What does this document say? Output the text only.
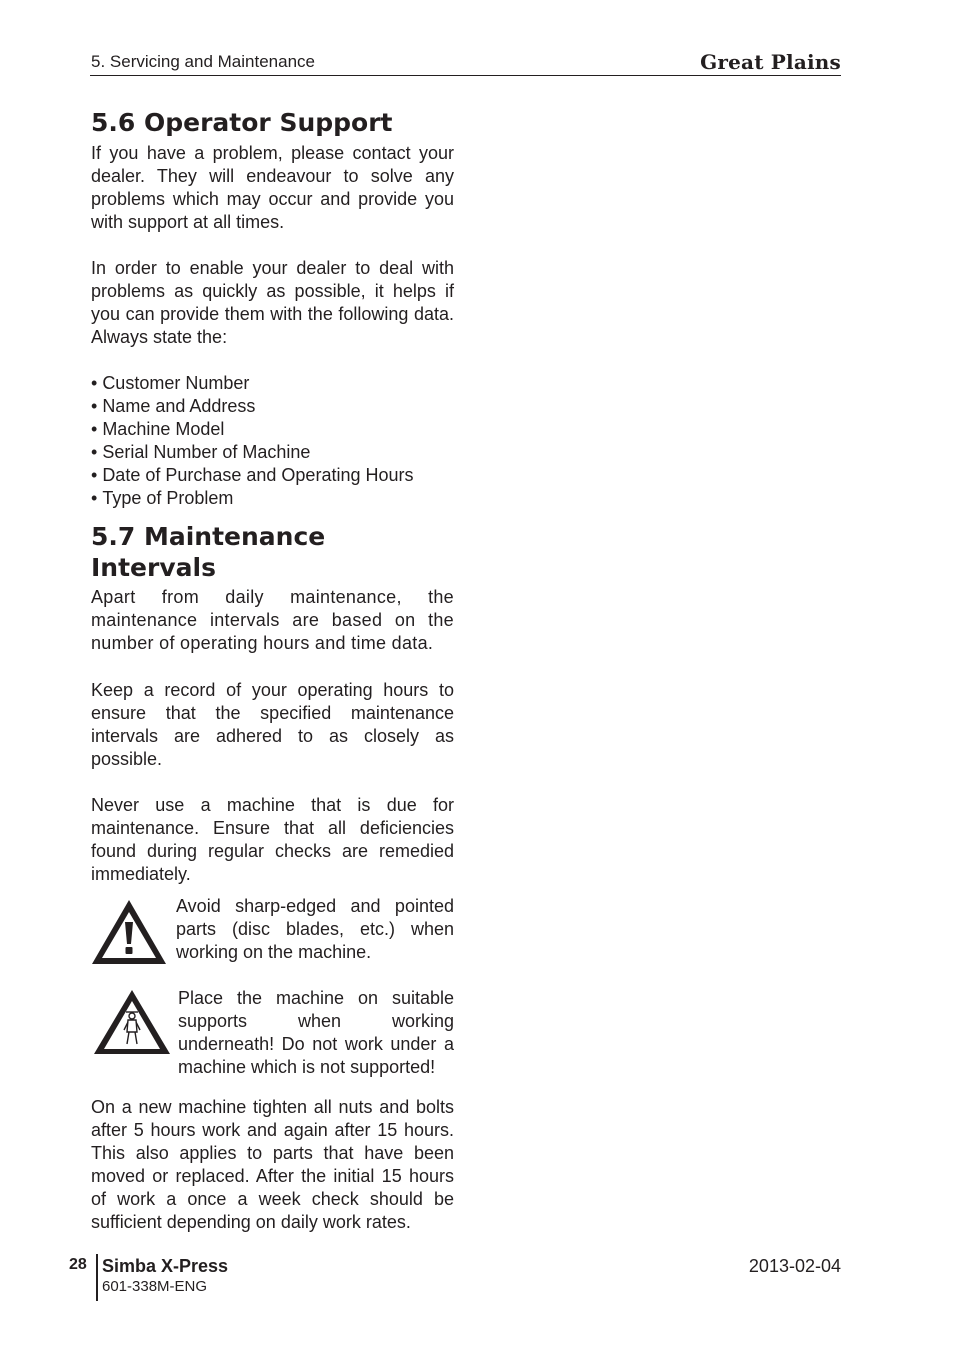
5. Servicing and Maintenance	Great Plains
5.6 Operator Support
If you have a problem, please contact your dealer. They will endeavour to solve any problems which may occur and provide you with support at all times.
In order to enable your dealer to deal with problems as quickly as possible, it helps if you can provide them with the following data. Always state the:
• Customer Number
• Name and Address
• Machine Model
• Serial Number of Machine
• Date of Purchase and Operating Hours
• Type of Problem
5.7 Maintenance
Intervals
Apart from daily maintenance, the maintenance intervals are based on the number of operating hours and time data.
Keep a record of your operating hours to ensure that the specified maintenance intervals are adhered to as closely as possible.
Never use a machine that is due for maintenance. Ensure that all deficiencies found during regular checks are remedied immediately.
Avoid sharp-edged and pointed parts (disc blades, etc.) when working on the machine.
Place the machine on suitable supports when working underneath! Do not work under a machine which is not supported!
On a new machine tighten all nuts and bolts after 5 hours work and again after 15 hours. This also applies to parts that have been moved or replaced. After the initial 15 hours of work a once a week check should be sufficient depending on daily work rates.
28 Simba X-Press
601-338M-ENG
2013-02-04
